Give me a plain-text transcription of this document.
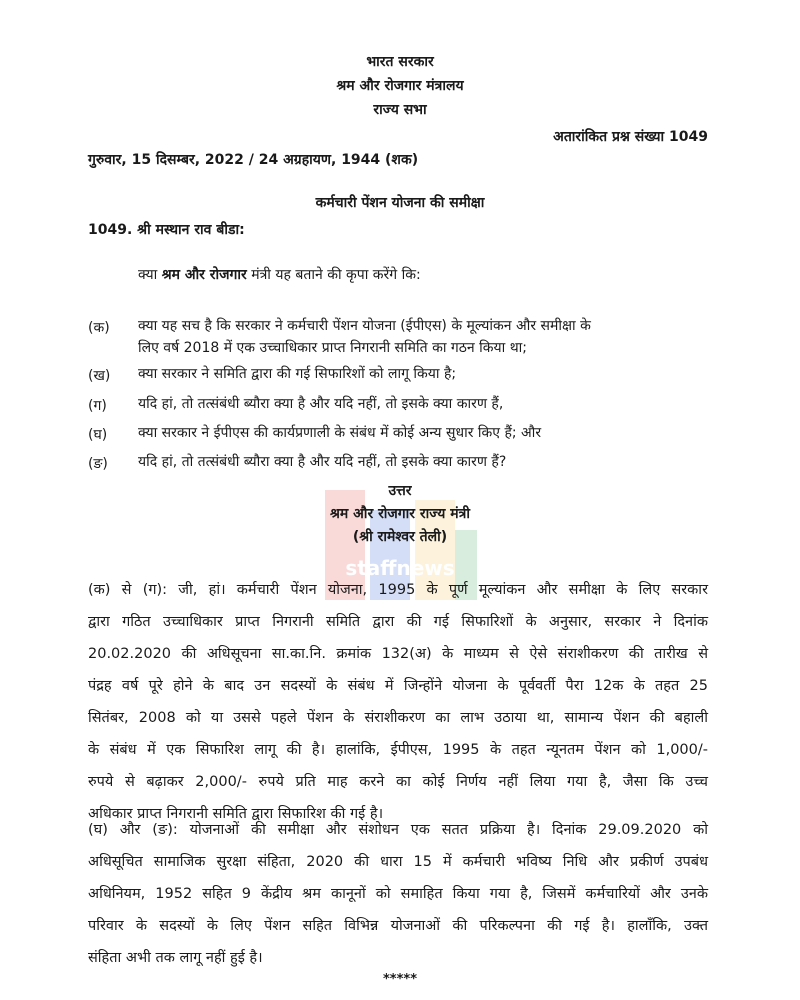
staffnews
भारत सरकार
श्रम और रोजगार मंत्रालय
राज्य सभा
अतारांकित प्रश्न संख्या 1049
गुरुवार, 15 दिसम्बर, 2022 / 24 अग्रहायण, 1944 (शक)
कर्मचारी पेंशन योजना की समीक्षा
1049. श्री मस्थान राव बीडा:
क्या श्रम और रोजगार मंत्री यह बताने की कृपा करेंगे कि:
(क) क्या यह सच है कि सरकार ने कर्मचारी पेंशन योजना (ईपीएस) के मूल्यांकन और समीक्षा के
लिए वर्ष 2018 में एक उच्चाधिकार प्राप्त निगरानी समिति का गठन किया था;
(ख) क्या सरकार ने समिति द्वारा की गई सिफारिशों को लागू किया है;
(ग) यदि हां, तो तत्संबंधी ब्यौरा क्या है और यदि नहीं, तो इसके क्या कारण हैं,
(घ) क्या सरकार ने ईपीएस की कार्यप्रणाली के संबंध में कोई अन्य सुधार किए हैं; और
(ङ) यदि हां, तो तत्संबंधी ब्यौरा क्या है और यदि नहीं, तो इसके क्या कारण हैं?
उत्तर
श्रम और रोजगार राज्य मंत्री
(श्री रामेश्वर तेली)
(क) से (ग): जी, हां। कर्मचारी पेंशन योजना, 1995 के पूर्ण मूल्यांकन और समीक्षा के लिए सरकार
द्वारा गठित उच्चाधिकार प्राप्त निगरानी समिति द्वारा की गई सिफारिशों के अनुसार, सरकार ने दिनांक
20.02.2020 की अधिसूचना सा.का.नि. क्रमांक 132(अ) के माध्यम से ऐसे संराशीकरण की तारीख से
पंद्रह वर्ष पूरे होने के बाद उन सदस्यों के संबंध में जिन्होंने योजना के पूर्ववर्ती पैरा 12क के तहत 25
सितंबर, 2008 को या उससे पहले पेंशन के संराशीकरण का लाभ उठाया था, सामान्य पेंशन की बहाली
के संबंध में एक सिफारिश लागू की है। हालांकि, ईपीएस, 1995 के तहत न्यूनतम पेंशन को 1,000/-
रुपये से बढ़ाकर 2,000/- रुपये प्रति माह करने का कोई निर्णय नहीं लिया गया है, जैसा कि उच्च
अधिकार प्राप्त निगरानी समिति द्वारा सिफारिश की गई है।
(घ) और (ङ): योजनाओं की समीक्षा और संशोधन एक सतत प्रक्रिया है। दिनांक 29.09.2020 को
अधिसूचित सामाजिक सुरक्षा संहिता, 2020 की धारा 15 में कर्मचारी भविष्य निधि और प्रकीर्ण उपबंध
अधिनियम, 1952 सहित 9 केंद्रीय श्रम कानूनों को समाहित किया गया है, जिसमें कर्मचारियों और उनके
परिवार के सदस्यों के लिए पेंशन सहित विभिन्न योजनाओं की परिकल्पना की गई है। हालाँकि, उक्त
संहिता अभी तक लागू नहीं हुई है।
*****
